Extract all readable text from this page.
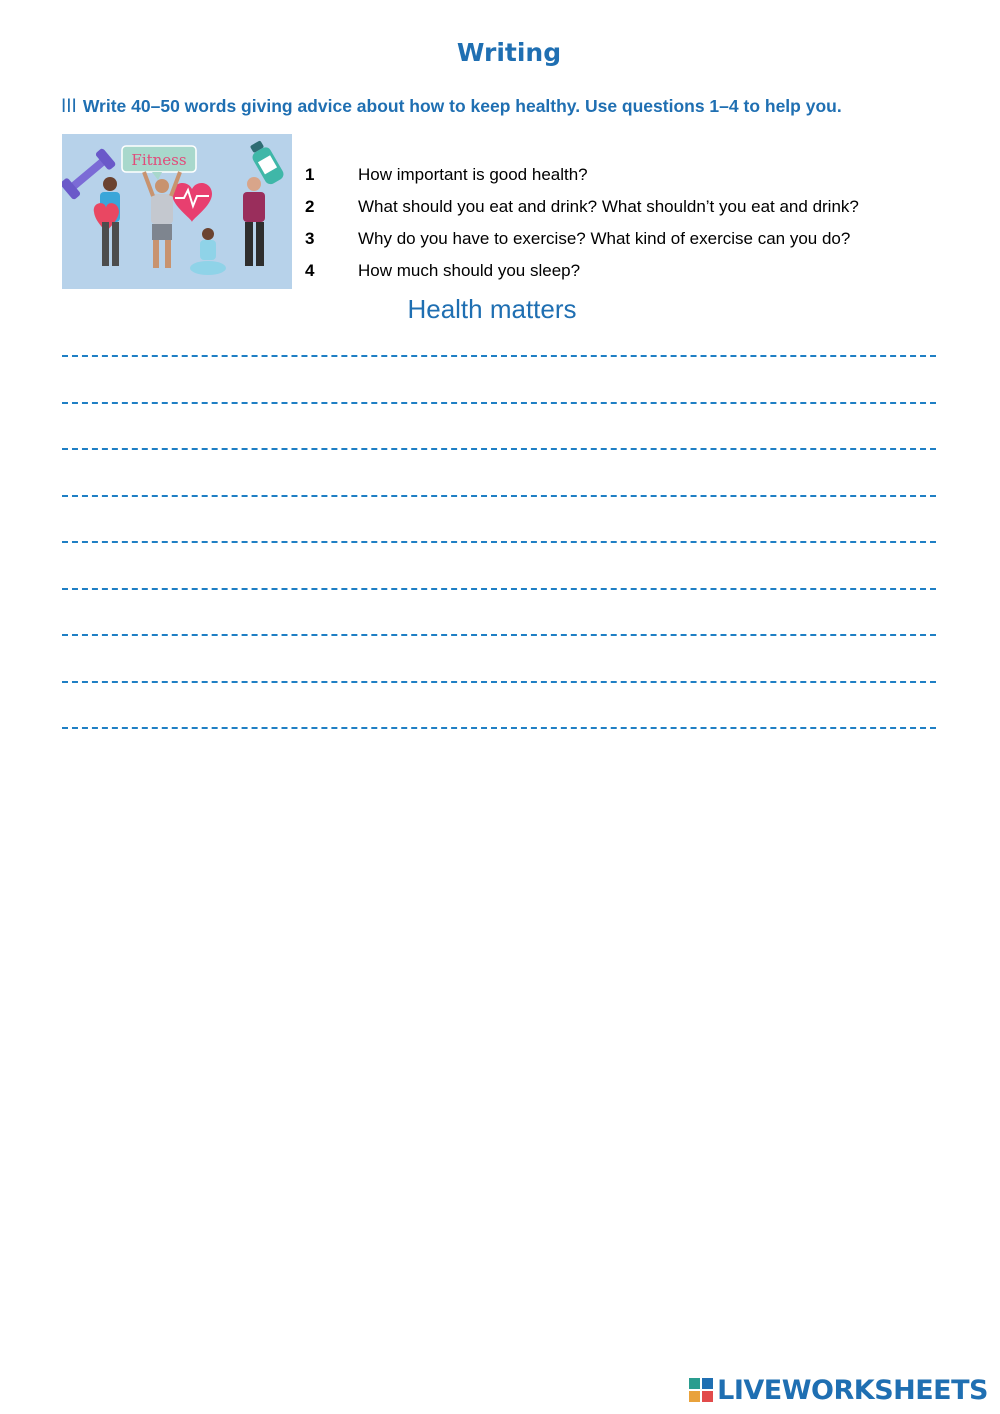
Writing
III Write 40–50 words giving advice about how to keep healthy. Use questions 1–4 to help you.
Fitness
1	How important is good health?
2	What should you eat and drink? What shouldn’t you eat and drink?
3	Why do you have to exercise? What kind of exercise can you do?
4	How much should you sleep?
Health matters
LIVEWORKSHEETS
